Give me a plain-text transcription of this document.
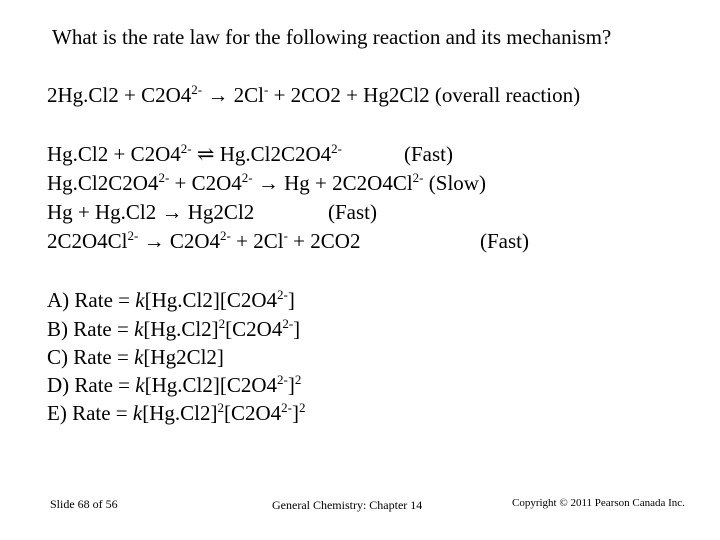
What is the rate law for the following reaction and its mechanism?
$2Hg.Cl2 + C2O4^{2-} \to 2Cl^- + 2CO2 + Hg2Cl2$ (overall reaction)
$Hg.Cl2 + C2O4^{2-}$ ⇌ $Hg.Cl2C2O4^{2-}$	(Fast)
$Hg.Cl2C2O4^{2-} + C2O4^{2-} \to Hg + 2C2O4Cl^{2-}$ (Slow)
Hg + Hg.Cl2 → Hg2Cl2	(Fast)
$2C2O4Cl^{2-} \to C2O4^{2-} + 2Cl^- + 2CO2$	(Fast)
A) Rate = $k[Hg.Cl2][C2O4^{2-}]$
B) Rate = $k[Hg.Cl2]^2[C2O4^{2-}]$
C) Rate = k[Hg2Cl2]
D) Rate = $k[Hg.Cl2][C2O4^{2-}]^2$
E) Rate = $k[Hg.Cl2]^2[C2O4^{2-}]^2$
Slide 68 of 56	General Chemistry: Chapter 14	Copyright © 2011 Pearson Canada Inc.
